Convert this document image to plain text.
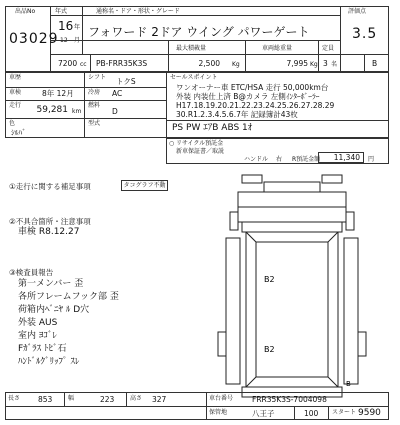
出品No
03029
年式
16 年
12 月
通称名・ドア・形状・グレード
フォワード 2ドア ウイング パワーゲート
評価点
3.5
B
最大積載量	車両総重量	定員
7200 cc PB-FRR35K3S	2,500 Kg	7,995 Kg 3 名
車歴	シフト トクS
車検	8年 12月 冷房 AC
走行	59,281 km
燃料
D
色
ｼﾙﾊﾞ
型式
セールスポイント
ワンオーナー車 ETC/HSA 走行 50,000km台
外装 内装仕上済 B@カメラ 左側ｲﾝﾀｰﾎﾞｰﾗｰ
H17.18.19.20.21.22.23.24.25.26.27.28.29
30.R1.2.3.4.5.6.7年 記録簿計43枚
PS PW ｴｱB ABS 1ｵ
○ リサイクル預託金
新車保証書／取説
ハンドル 右 R預託金額	11,340 円
①走行に関する補足事項	タコグラフ不動
②不具合箇所・注意事項
車検 R8.12.27
③検査員報告
第一メンバー 歪
各所フレームフック部 歪
荷箱内ﾍﾞﾆﾔ ﾙ D穴
外装 AUS
室内 ﾖｺﾞﾚ
Fｶﾞﾗｽ ﾄﾋﾞ石
ﾊﾝﾄﾞﾙｸﾞﾘｯﾌﾟ ｽﾚ
B2
B2
B
長さ 853	幅	223	高さ 327	車台番号	FRR35K3S-7004098
保管地	八王子	100 スタート 9590
